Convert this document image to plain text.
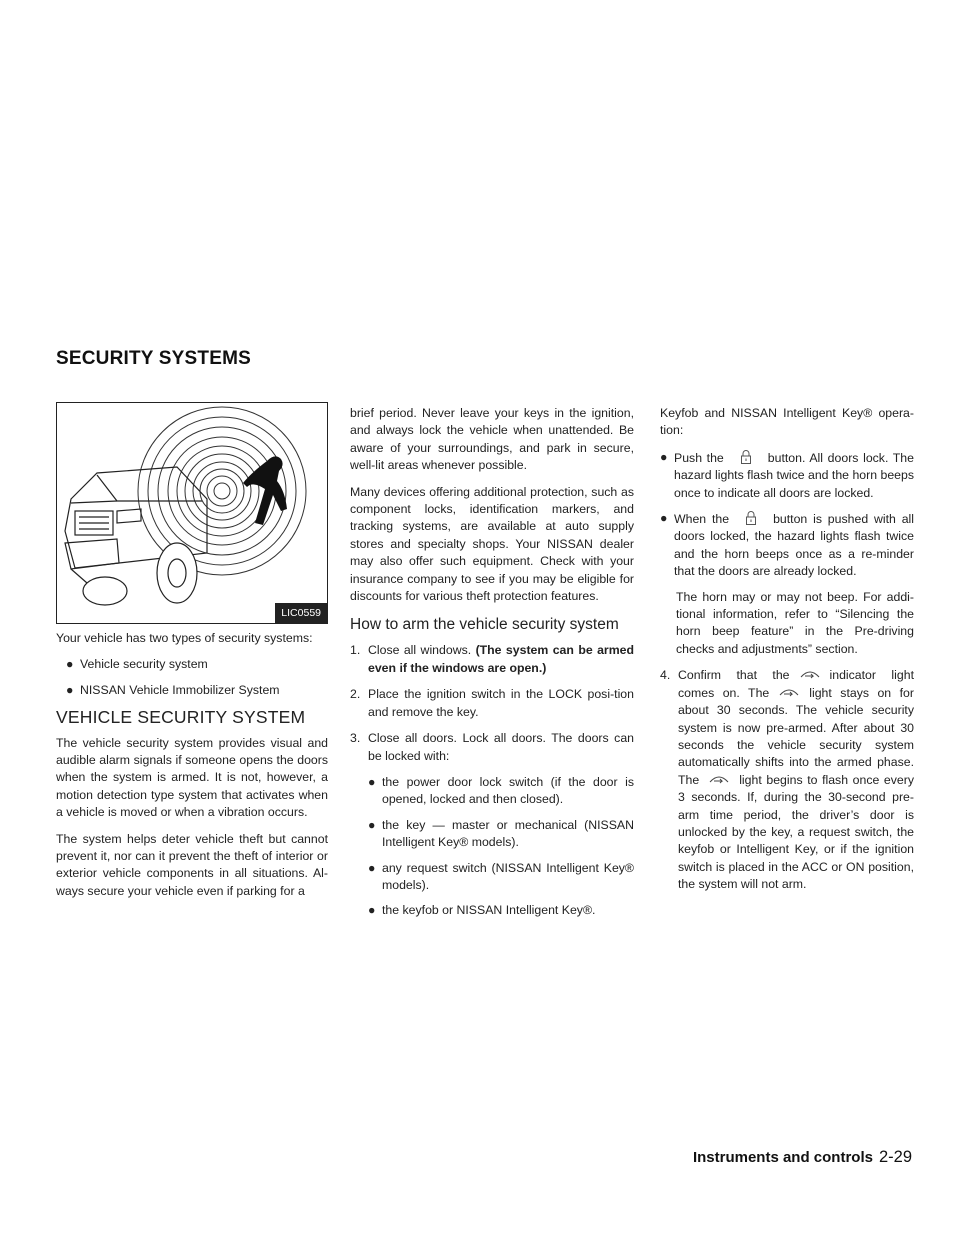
SECURITY SYSTEMS
LIC0559

Your vehicle has two types of security systems:

● Vehicle security system
● NISSAN Vehicle Immobilizer System
VEHICLE SECURITY SYSTEM

The vehicle security system provides visual and audible alarm signals if someone opens the doors when the system is armed. It is not, however, a motion detection type system that activates when a vehicle is moved or when a vibration occurs.

The system helps deter vehicle theft but cannot prevent it, nor can it prevent the theft of interior or exterior vehicle components in all situations. Al-ways secure your vehicle even if parking for a

brief period. Never leave your keys in the ignition, and always lock the vehicle when unattended. Be aware of your surroundings, and park in secure, well-lit areas whenever possible.

Many devices offering additional protection, such as component locks, identification markers, and tracking systems, are available at auto supply stores and specialty shops. Your NISSAN dealer may also offer such equipment. Check with your insurance company to see if you may be eligible for discounts for various theft protection features.

How to arm the vehicle security system
1. Close all windows. (The system can be armed even if the windows are open.)
2. Place the ignition switch in the LOCK posi-tion and remove the key.
3. Close all doors. Lock all doors. The doors can be locked with:
● the power door lock switch (if the door is opened, locked and then closed).
● the key — master or mechanical (NISSAN Intelligent Key® models).
● any request switch (NISSAN Intelligent Key® models).
● the keyfob or NISSAN Intelligent Key®.

Keyfob and NISSAN Intelligent Key® opera-tion:

● Push the	button. All doors lock. The hazard lights flash twice and the horn beeps once to indicate all doors are locked.
● When the	button is pushed with all doors locked, the hazard lights flash twice and the horn beeps once as a re-minder that the doors are already locked.

The horn may or may not beep. For addi-tional information, refer to “Silencing the horn beep feature” in the Pre-driving checks and adjustments” section.

4. Confirm that the	indicator light comes on. The	light stays on for about 30 seconds. The vehicle security system is now pre-armed. After about 30 seconds the vehicle security system automatically shifts into the armed phase. The	light begins to flash once every 3 seconds. If, during the 30-second pre-arm time period, the driver’s door is unlocked by the key, a request switch, the keyfob or Intelligent Key, or if the ignition switch is placed in the ACC or ON position, the system will not arm.
Instruments and controls 2-29
